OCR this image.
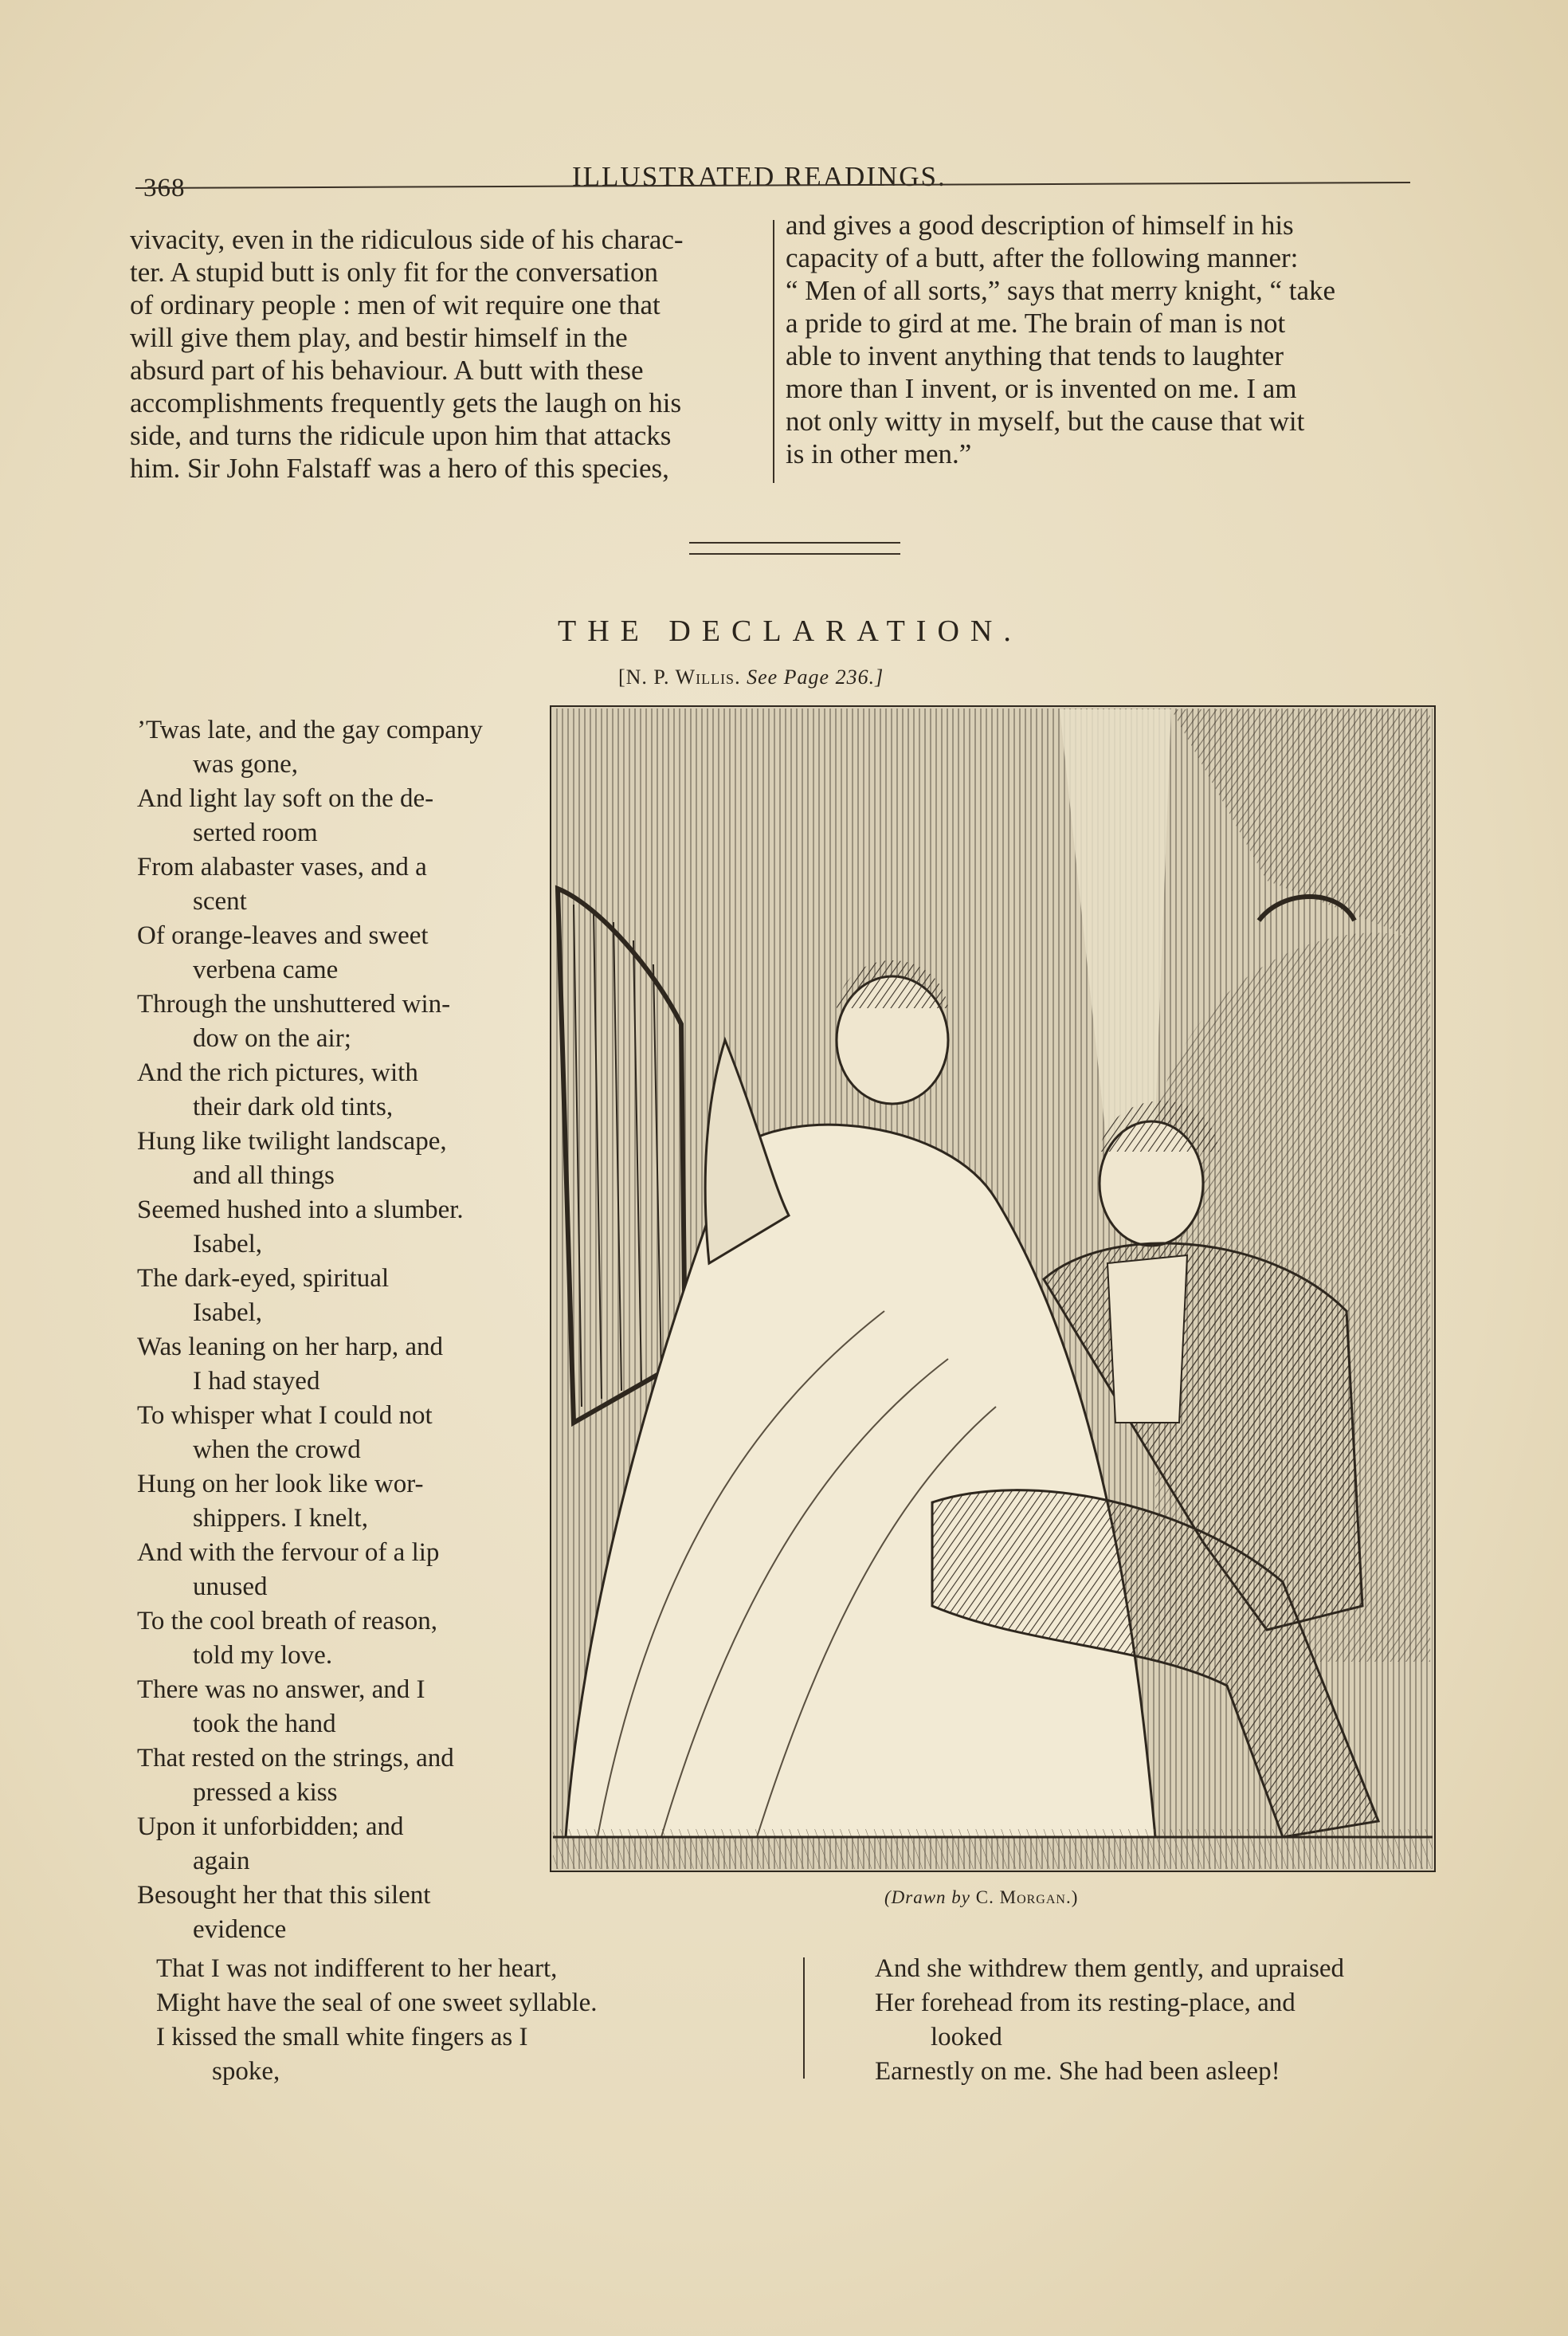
368	ILLUSTRATED READINGS.
vivacity, even in the ridiculous side of his charac-
ter. A stupid butt is only fit for the conversation
of ordinary people : men of wit require one that
will give them play, and bestir himself in the
absurd part of his behaviour. A butt with these
accomplishments frequently gets the laugh on his
side, and turns the ridicule upon him that attacks
him. Sir John Falstaff was a hero of this species,
and gives a good description of himself in his
capacity of a butt, after the following manner:
“ Men of all sorts,” says that merry knight, “ take
a pride to gird at me. The brain of man is not
able to invent anything that tends to laughter
more than I invent, or is invented on me. I am
not only witty in myself, but the cause that wit
is in other men.”
THE DECLARATION.
[N. P. Willis. See Page 236.]
’Twas late, and the gay company
was gone,
And light lay soft on the de-
serted room
From alabaster vases, and a
scent
Of orange-leaves and sweet
verbena came
Through the unshuttered win-
dow on the air;
And the rich pictures, with
their dark old tints,
Hung like twilight landscape,
and all things
Seemed hushed into a slumber.
Isabel,
The dark-eyed, spiritual
Isabel,
Was leaning on her harp, and
I had stayed
To whisper what I could not
when the crowd
Hung on her look like wor-
shippers. I knelt,
And with the fervour of a lip
unused
To the cool breath of reason,
told my love.
There was no answer, and I
took the hand
That rested on the strings, and
pressed a kiss
Upon it unforbidden; and
again
Besought her that this silent
evidence
(Drawn by C. Morgan.)
That I was not indifferent to her heart,
Might have the seal of one sweet syllable.
I kissed the small white fingers as I
spoke,
And she withdrew them gently, and upraised
Her forehead from its resting-place, and
looked
Earnestly on me. She had been asleep!
